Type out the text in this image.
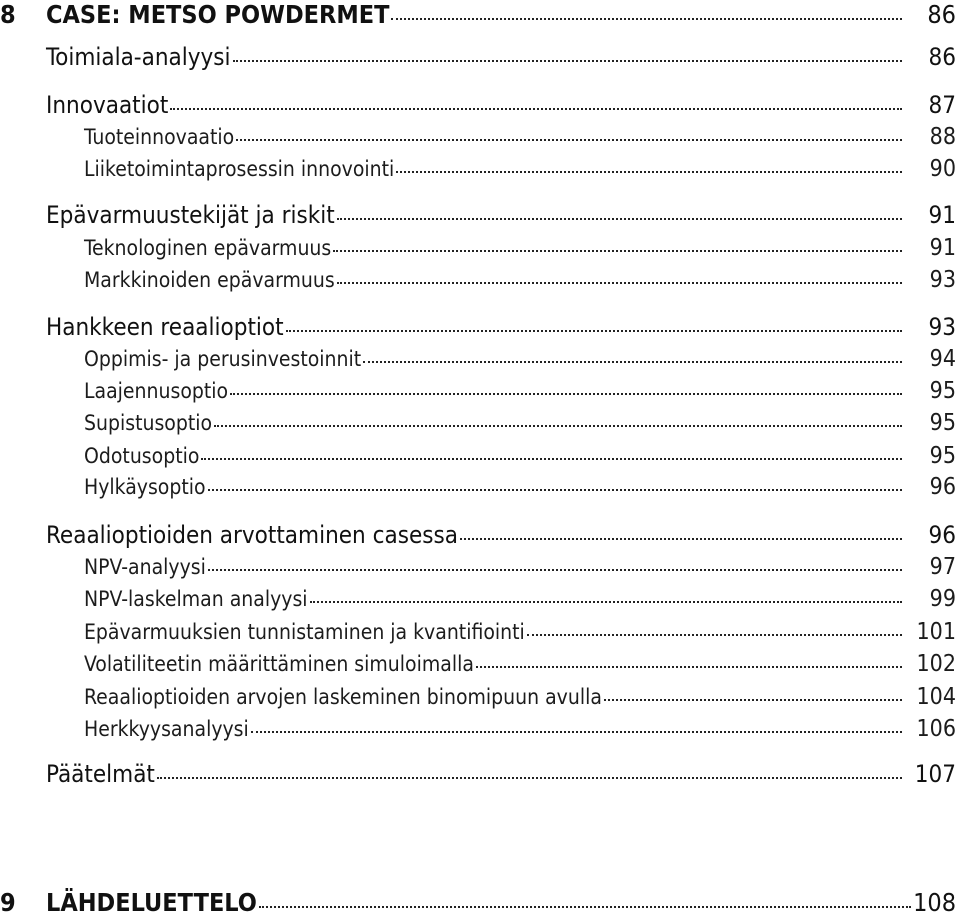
8	CASE: METSO POWDERMET	86
Toimiala-analyysi	86
Innovaatiot	87
Tuoteinnovaatio	88
Liiketoimintaprosessin innovointi	90
Epävarmuustekijät ja riskit	91
Teknologinen epävarmuus	91
Markkinoiden epävarmuus	93
Hankkeen reaalioptiot	93
Oppimis- ja perusinvestoinnit	94
Laajennusoptio	95
Supistusoptio	95
Odotusoptio	95
Hylkäysoptio	96
Reaalioptioiden arvottaminen casessa	96
NPV-analyysi	97
NPV-laskelman analyysi	99
Epävarmuuksien tunnistaminen ja kvantifiointi	101
Volatiliteetin määrittäminen simuloimalla	102
Reaalioptioiden arvojen laskeminen binomipuun avulla	104
Herkkyysanalyysi	106
Päätelmät	107
9	LÄHDELUETTELO	108
